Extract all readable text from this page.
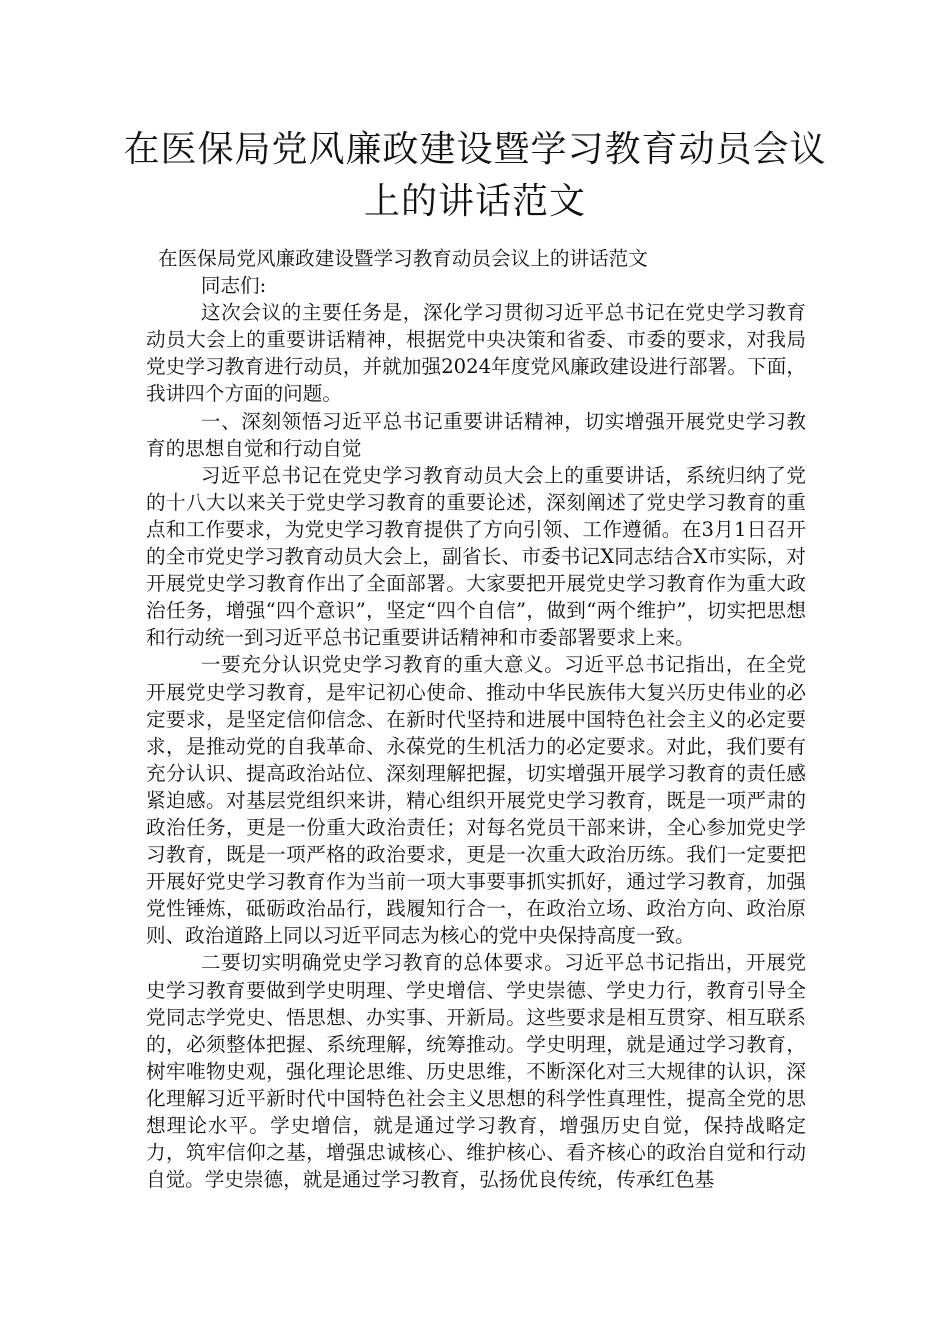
在医保局党风廉政建设暨学习教育动员会议上的讲话范文

在医保局党风廉政建设暨学习教育动员会议上的讲话范文

同志们:

这次会议的主要任务是，深化学习贯彻习近平总书记在党史学习教育动员大会上的重要讲话精神，根据党中央决策和省委、市委的要求，对我局党史学习教育进行动员，并就加强2024年度党风廉政建设进行部署。下面，我讲四个方面的问题。

一、深刻领悟习近平总书记重要讲话精神，切实增强开展党史学习教育的思想自觉和行动自觉

习近平总书记在党史学习教育动员大会上的重要讲话，系统归纳了党的十八大以来关于党史学习教育的重要论述，深刻阐述了党史学习教育的重点和工作要求，为党史学习教育提供了方向引领、工作遵循。在3月1日召开的全市党史学习教育动员大会上，副省长、市委书记X同志结合X市实际，对开展党史学习教育作出了全面部署。大家要把开展党史学习教育作为重大政治任务，增强“四个意识”，坚定“四个自信”，做到“两个维护”，切实把思想和行动统一到习近平总书记重要讲话精神和市委部署要求上来。

一要充分认识党史学习教育的重大意义。习近平总书记指出，在全党开展党史学习教育，是牢记初心使命、推动中华民族伟大复兴历史伟业的必定要求，是坚定信仰信念、在新时代坚持和进展中国特色社会主义的必定要求，是推动党的自我革命、永葆党的生机活力的必定要求。对此，我们要有充分认识、提高政治站位、深刻理解把握，切实增强开展学习教育的责任感紧迫感。对基层党组织来讲，精心组织开展党史学习教育，既是一项严肃的政治任务，更是一份重大政治责任；对每名党员干部来讲，全心参加党史学习教育，既是一项严格的政治要求，更是一次重大政治历练。我们一定要把开展好党史学习教育作为当前一项大事要事抓实抓好，通过学习教育，加强党性锤炼，砥砺政治品行，践履知行合一，在政治立场、政治方向、政治原则、政治道路上同以习近平同志为核心的党中央保持高度一致。

二要切实明确党史学习教育的总体要求。习近平总书记指出，开展党史学习教育要做到学史明理、学史增信、学史崇德、学史力行，教育引导全党同志学党史、悟思想、办实事、开新局。这些要求是相互贯穿、相互联系的，必须整体把握、系统理解，统筹推动。学史明理，就是通过学习教育，树牢唯物史观，强化理论思维、历史思维，不断深化对三大规律的认识，深化理解习近平新时代中国特色社会主义思想的科学性真理性，提高全党的思想理论水平。学史增信，就是通过学习教育，增强历史自觉，保持战略定力，筑牢信仰之基，增强忠诚核心、维护核心、看齐核心的政治自觉和行动自觉。学史崇德，就是通过学习教育，弘扬优良传统，传承红色基
